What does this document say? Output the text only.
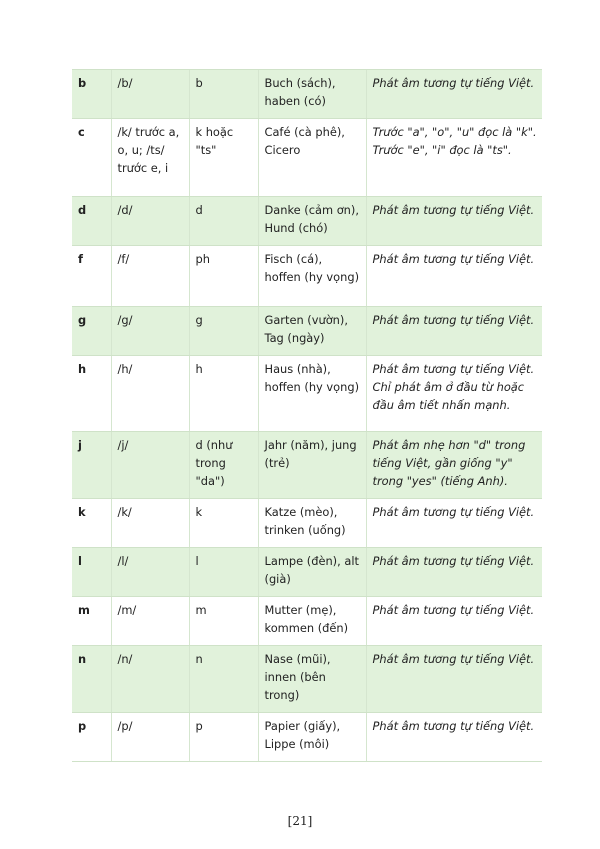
b	/b/	b	Buch (sách), haben (có)	Phát âm tương tự tiếng Việt.
c	/k/ trước a, o, u; /ts/ trước e, i	k hoặc "ts"	Café (cà phê), Cicero	Trước "a", "o", "u" đọc là "k". Trước "e", "i" đọc là "ts".
d	/d/	d	Danke (cảm ơn), Hund (chó)	Phát âm tương tự tiếng Việt.
f	/f/	ph	Fisch (cá), hoffen (hy vọng)	Phát âm tương tự tiếng Việt.
g	/g/	g	Garten (vườn), Tag (ngày)	Phát âm tương tự tiếng Việt.
h	/h/	h	Haus (nhà), hoffen (hy vọng)	Phát âm tương tự tiếng Việt. Chỉ phát âm ở đầu từ hoặc đầu âm tiết nhấn mạnh.
j	/j/	d (như trong "da")	Jahr (năm), jung (trẻ)	Phát âm nhẹ hơn "d" trong tiếng Việt, gần giống "y" trong "yes" (tiếng Anh).
k	/k/	k	Katze (mèo), trinken (uống)	Phát âm tương tự tiếng Việt.
l	/l/	l	Lampe (đèn), alt (già)	Phát âm tương tự tiếng Việt.
m	/m/	m	Mutter (mẹ), kommen (đến)	Phát âm tương tự tiếng Việt.
n	/n/	n	Nase (mũi), innen (bên trong)	Phát âm tương tự tiếng Việt.
p	/p/	p	Papier (giấy), Lippe (môi)	Phát âm tương tự tiếng Việt.
[21]
